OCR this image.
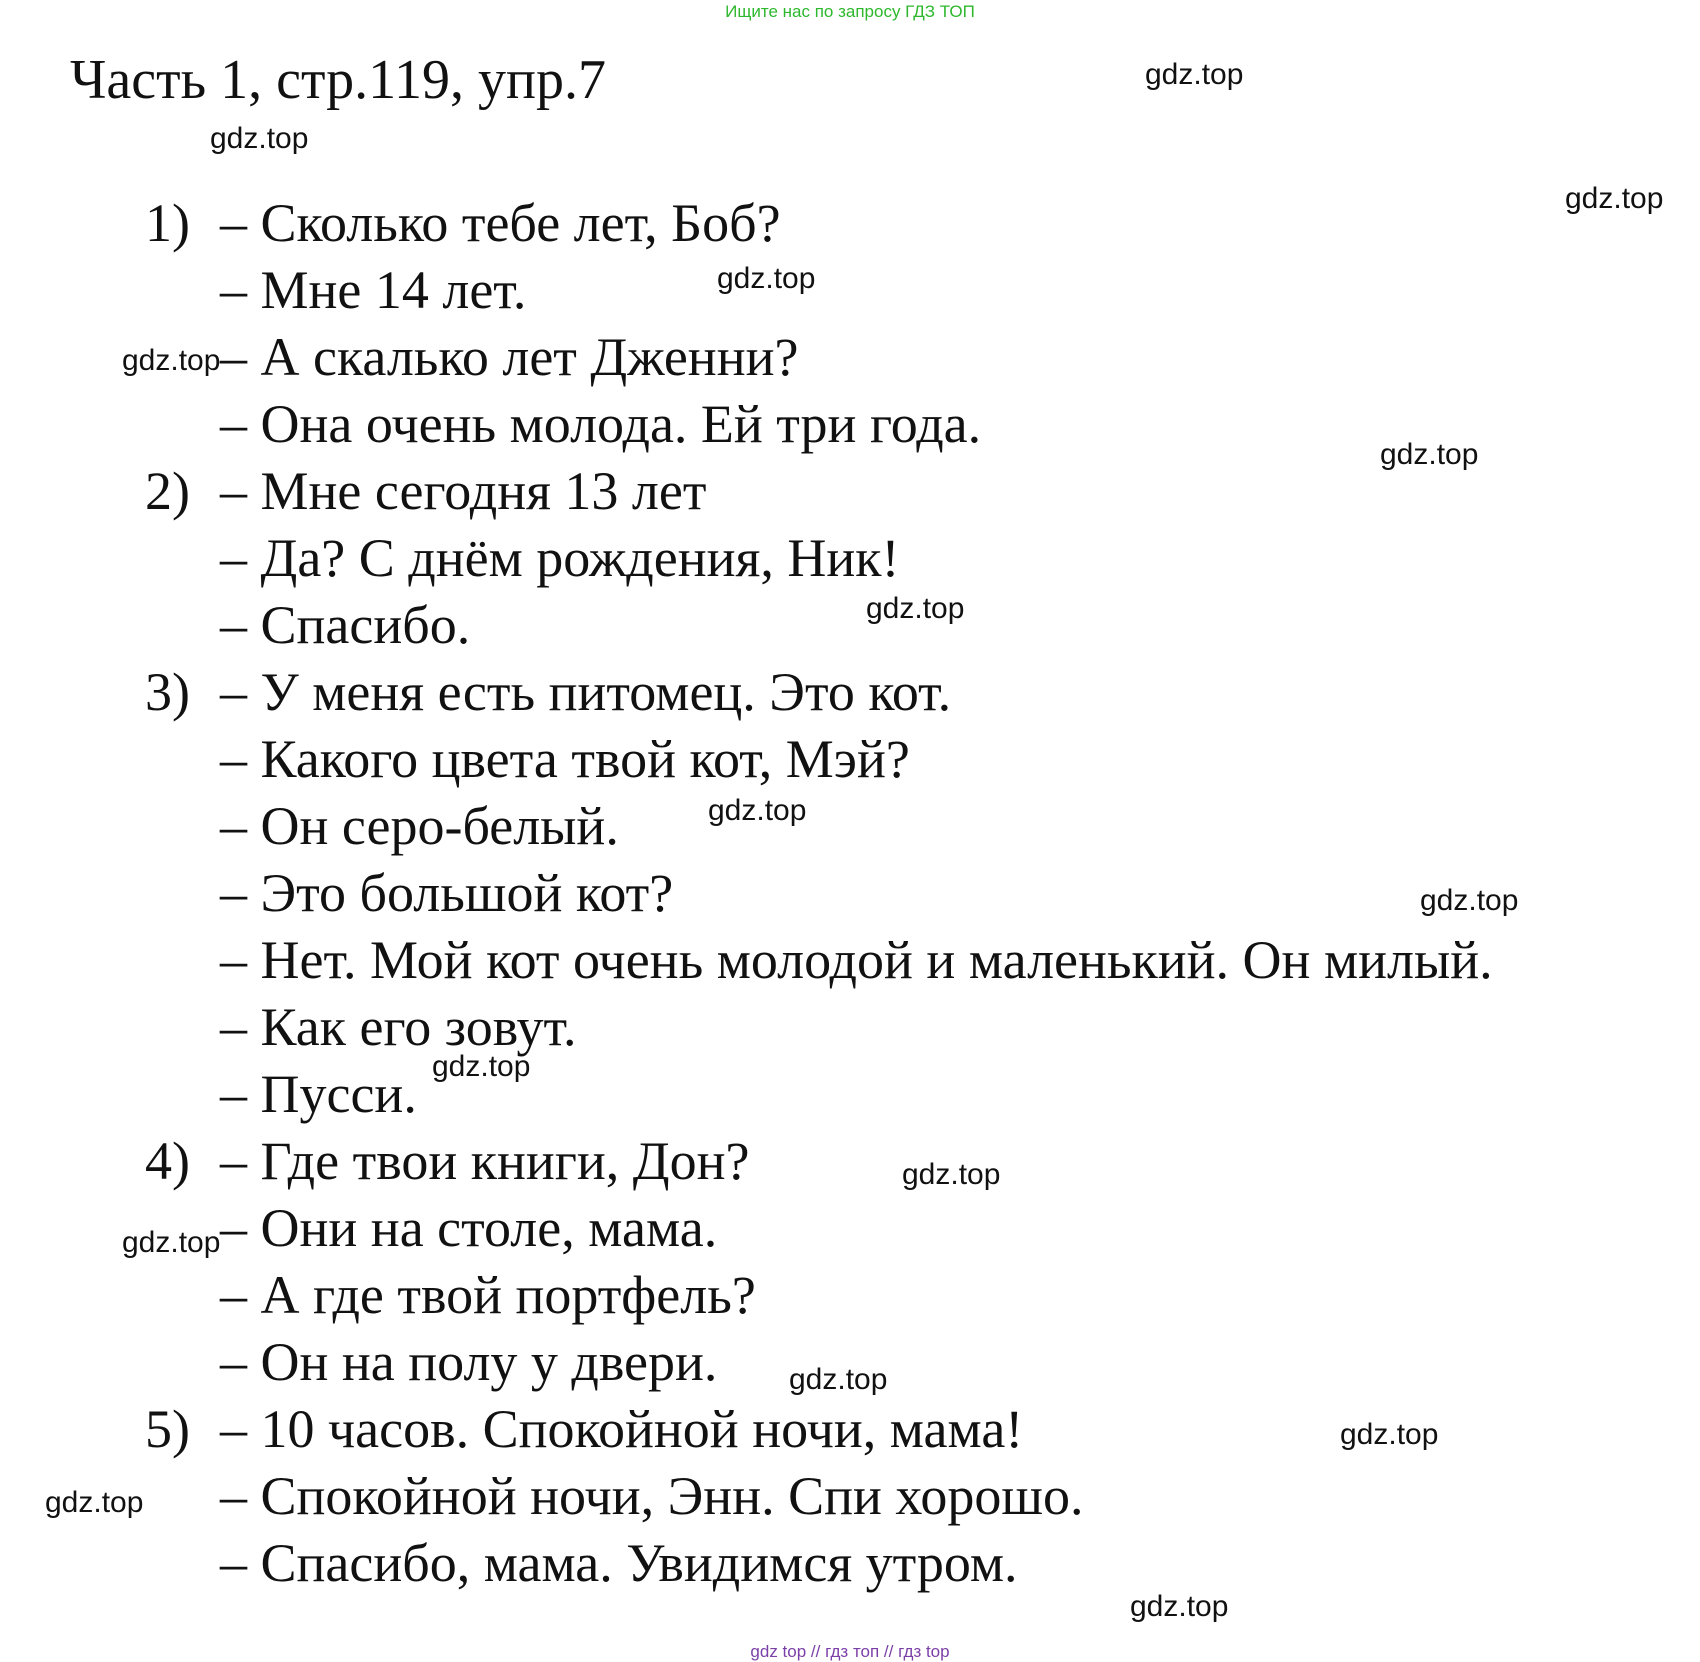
Ищите нас по запросу ГДЗ ТОП
Часть 1, стр.119, упр.7
1) – Сколько тебе лет, Боб?
– Мне 14 лет.
– А скалько лет Дженни?
– Она очень молода. Ей три года.
2) – Мне сегодня 13 лет
– Да? С днём рождения, Ник!
– Спасибо.
3) – У меня есть питомец. Это кот.
– Какого цвета твой кот, Мэй?
– Он серо-белый.
– Это большой кот?
– Нет. Мой кот очень молодой и маленький. Он милый.
– Как его зовут.
– Пусси.
4) – Где твои книги, Дон?
– Они на столе, мама.
– А где твой портфель?
– Он на полу у двери.
5) – 10 часов. Спокойной ночи, мама!
– Спокойной ночи, Энн. Спи хорошо.
– Спасибо, мама. Увидимся утром.
gdz.top
gdz.top
gdz.top
gdz.top
gdz.top
gdz.top
gdz.top
gdz.top
gdz.top
gdz.top
gdz.top
gdz.top
gdz.top
gdz.top
gdz.top
gdz.top
gdz top // гдз топ // гдз top
